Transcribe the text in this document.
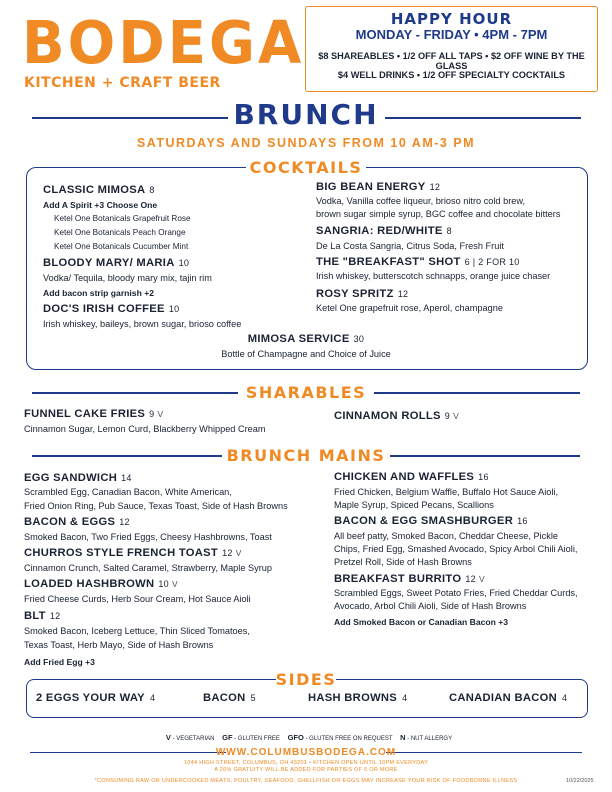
BODEGA
KITCHEN + CRAFT BEER
HAPPY HOUR
MONDAY - FRIDAY • 4PM - 7PM
$8 SHAREABLES • 1/2 OFF ALL TAPS • $2 OFF WINE BY THE GLASS
$4 WELL DRINKS • 1/2 OFF SPECIALTY COCKTAILS
BRUNCH
SATURDAYS AND SUNDAYS FROM 10 AM-3 PM
COCKTAILS
CLASSIC MIMOSA 8
Add A Spirit +3 Choose One
Ketel One Botanicals Grapefruit Rose
Ketel One Botanicals Peach Orange
Ketel One Botanicals Cucumber Mint
BLOODY MARY/ MARIA 10
Vodka/ Tequila, bloody mary mix, tajin rim
Add bacon strip garnish +2
DOC'S IRISH COFFEE 10
Irish whiskey, baileys, brown sugar, brioso coffee
BIG BEAN ENERGY 12
Vodka, Vanilla coffee liqueur, brioso nitro cold brew,
brown sugar simple syrup, BGC coffee and chocolate bitters
SANGRIA: RED/WHITE 8
De La Costa Sangria, Citrus Soda, Fresh Fruit
THE "BREAKFAST" SHOT 6 | 2 FOR 10
Irish whiskey, butterscotch schnapps, orange juice chaser
ROSY SPRITZ 12
Ketel One grapefruit rose, Aperol, champagne
MIMOSA SERVICE 30
Bottle of Champagne and Choice of Juice
SHARABLES
FUNNEL CAKE FRIES 9 V
Cinnamon Sugar, Lemon Curd, Blackberry Whipped Cream
CINNAMON ROLLS 9 V
BRUNCH MAINS
EGG SANDWICH 14
Scrambled Egg, Canadian Bacon, White American,
Fried Onion Ring, Pub Sauce, Texas Toast, Side of Hash Browns
BACON & EGGS 12
Smoked Bacon, Two Fried Eggs, Cheesy Hashbrowns, Toast
CHURROS STYLE FRENCH TOAST 12 V
Cinnamon Crunch, Salted Caramel, Strawberry, Maple Syrup
LOADED HASHBROWN 10 V
Fried Cheese Curds, Herb Sour Cream, Hot Sauce Aioli
BLT 12
Smoked Bacon, Iceberg Lettuce, Thin Sliced Tomatoes,
Texas Toast, Herb Mayo, Side of Hash Browns
Add Fried Egg +3
CHICKEN AND WAFFLES 16
Fried Chicken, Belgium Waffle, Buffalo Hot Sauce Aioli,
Maple Syrup, Spiced Pecans, Scallions
BACON & EGG SMASHBURGER 16
All beef patty, Smoked Bacon, Cheddar Cheese, Pickle
Chips, Fried Egg, Smashed Avocado, Spicy Arbol Chili Aioli,
Pretzel Roll, Side of Hash Browns
BREAKFAST BURRITO 12 V
Scrambled Eggs, Sweet Potato Fries, Fried Cheddar Curds,
Avocado, Arbol Chili Aioli, Side of Hash Browns
Add Smoked Bacon or Canadian Bacon +3
SIDES
2 EGGS YOUR WAY 4	BACON 5	HASH BROWNS 4	CANADIAN BACON 4
V - VEGETARIAN GF - GLUTEN FREE GFO - GLUTEN FREE ON REQUEST N - NUT ALLERGY
WWW.COLUMBUSBODEGA.COM
1044 HIGH STREET, COLUMBUS, OH 43201 • KITCHEN OPEN UNTIL 10PM EVERYDAY
A 20% GRATUITY WILL BE ADDED FOR PARTIES OF 6 OR MORE
*CONSUMING RAW OR UNDERCOOKED MEATS, POULTRY, SEAFOOD, SHELLFISH OR EGGS MAY INCREASE YOUR RISK OF FOODBORNE ILLNESS	10/22/2025
